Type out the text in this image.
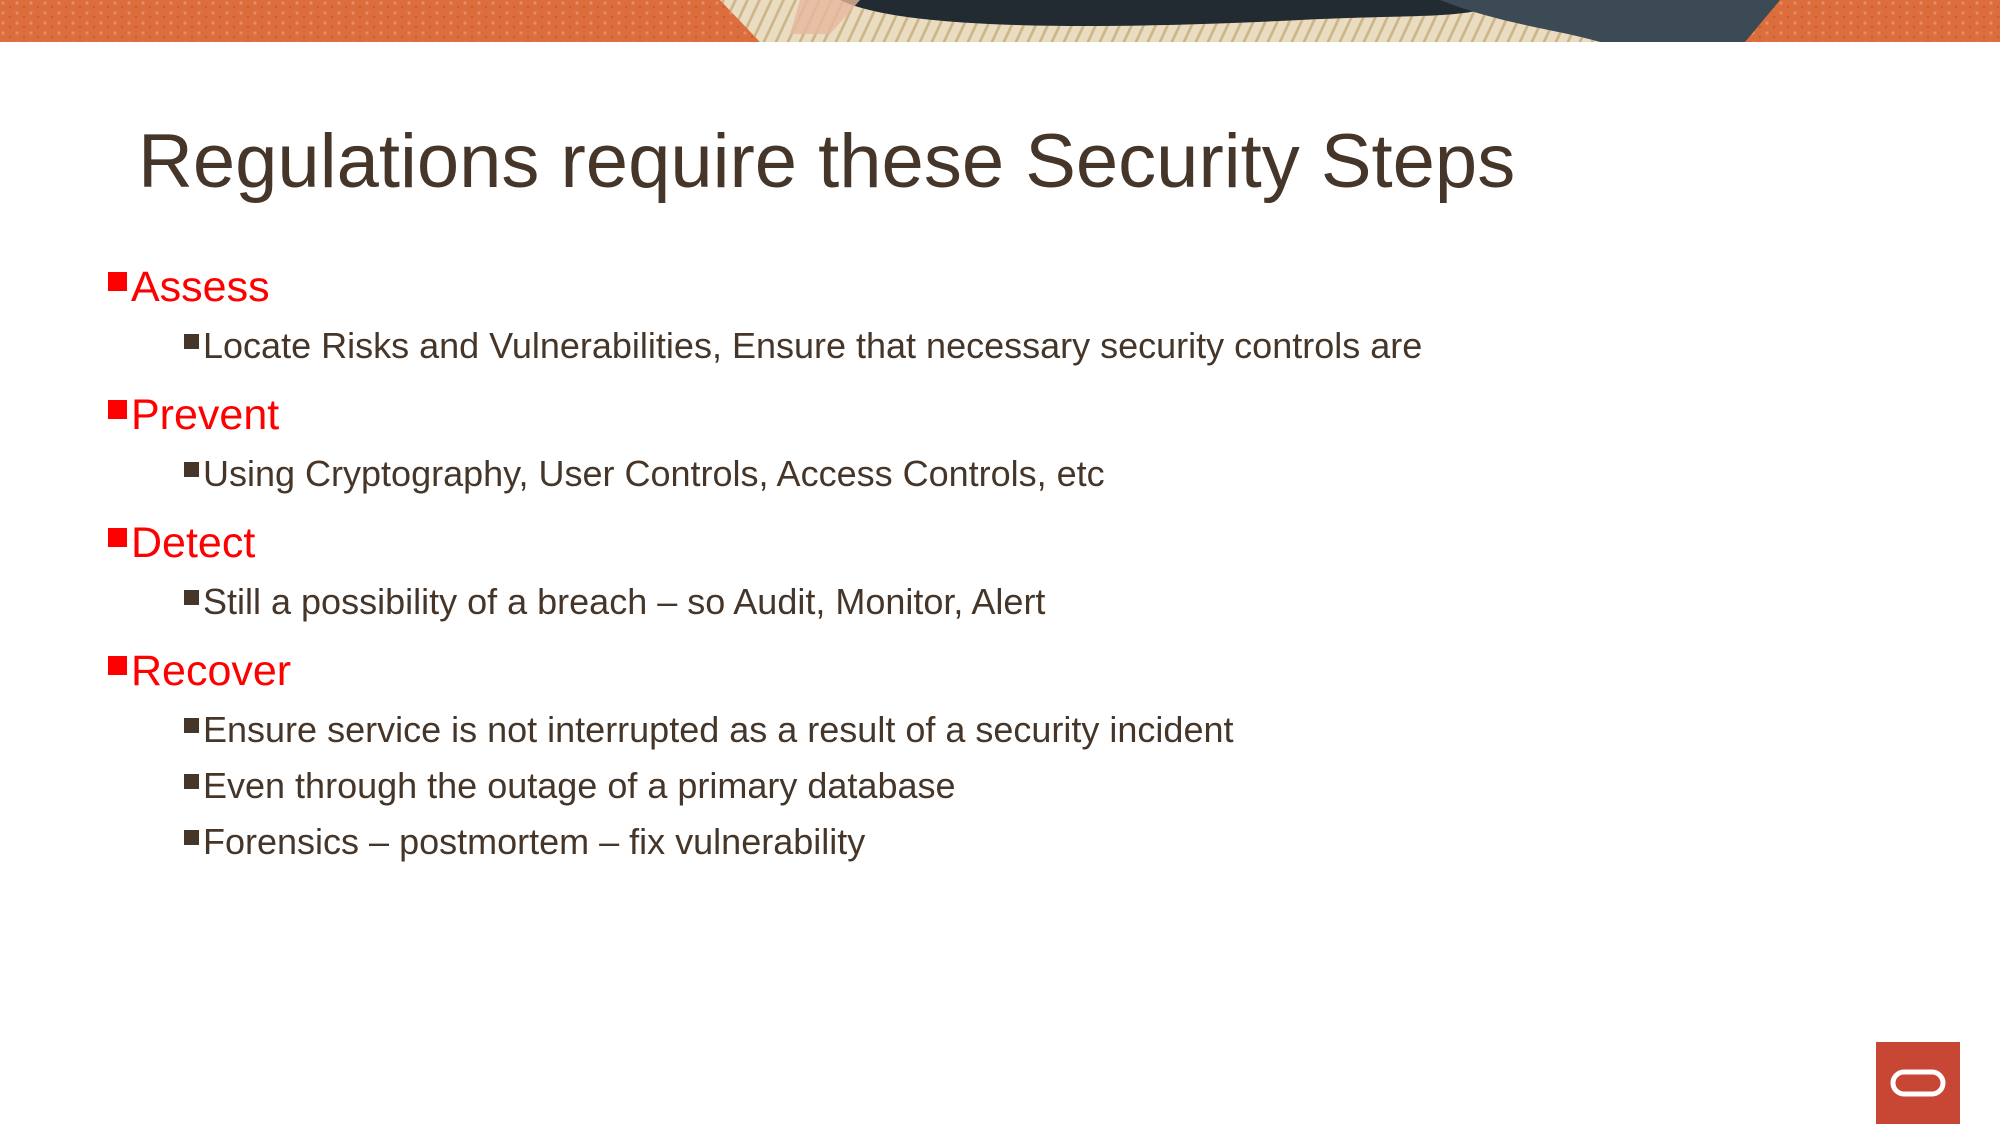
Regulations require these Security Steps
Assess
Locate Risks and Vulnerabilities, Ensure that necessary security controls are
Prevent
Using Cryptography, User Controls, Access Controls, etc
Detect
Still a possibility of a breach – so Audit, Monitor, Alert
Recover
Ensure service is not interrupted as a result of a security incident
Even through the outage of a primary database
Forensics – postmortem – fix vulnerability
